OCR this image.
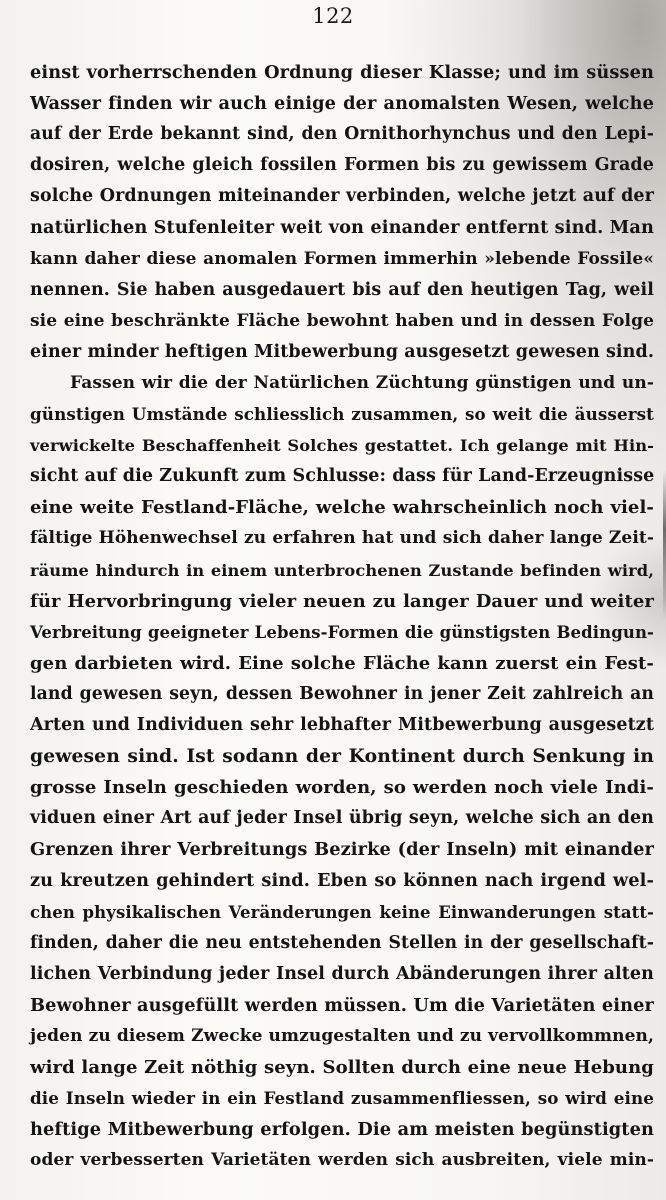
122
einst vorherrschenden Ordnung dieser Klasse; und im süssen
Wasser finden wir auch einige der anomalsten Wesen, welche
auf der Erde bekannt sind, den Ornithorhynchus und den Lepi-
dosiren, welche gleich fossilen Formen bis zu gewissem Grade
solche Ordnungen miteinander verbinden, welche jetzt auf der
natürlichen Stufenleiter weit von einander entfernt sind. Man
kann daher diese anomalen Formen immerhin »lebende Fossile«
nennen. Sie haben ausgedauert bis auf den heutigen Tag, weil
sie eine beschränkte Fläche bewohnt haben und in dessen Folge
einer minder heftigen Mitbewerbung ausgesetzt gewesen sind.
Fassen wir die der Natürlichen Züchtung günstigen und un-
günstigen Umstände schliesslich zusammen, so weit die äusserst
verwickelte Beschaffenheit Solches gestattet. Ich gelange mit Hin-
sicht auf die Zukunft zum Schlusse: dass für Land-Erzeugnisse
eine weite Festland-Fläche, welche wahrscheinlich noch viel-
fältige Höhenwechsel zu erfahren hat und sich daher lange Zeit-
räume hindurch in einem unterbrochenen Zustande befinden wird,
für Hervorbringung vieler neuen zu langer Dauer und weiter
Verbreitung geeigneter Lebens-Formen die günstigsten Bedingun-
gen darbieten wird. Eine solche Fläche kann zuerst ein Fest-
land gewesen seyn, dessen Bewohner in jener Zeit zahlreich an
Arten und Individuen sehr lebhafter Mitbewerbung ausgesetzt
gewesen sind. Ist sodann der Kontinent durch Senkung in
grosse Inseln geschieden worden, so werden noch viele Indi-
viduen einer Art auf jeder Insel übrig seyn, welche sich an den
Grenzen ihrer Verbreitungs Bezirke (der Inseln) mit einander
zu kreutzen gehindert sind. Eben so können nach irgend wel-
chen physikalischen Veränderungen keine Einwanderungen statt-
finden, daher die neu entstehenden Stellen in der gesellschaft-
lichen Verbindung jeder Insel durch Abänderungen ihrer alten
Bewohner ausgefüllt werden müssen. Um die Varietäten einer
jeden zu diesem Zwecke umzugestalten und zu vervollkommnen,
wird lange Zeit nöthig seyn. Sollten durch eine neue Hebung
die Inseln wieder in ein Festland zusammenfliessen, so wird eine
heftige Mitbewerbung erfolgen. Die am meisten begünstigten
oder verbesserten Varietäten werden sich ausbreiten, viele min-
